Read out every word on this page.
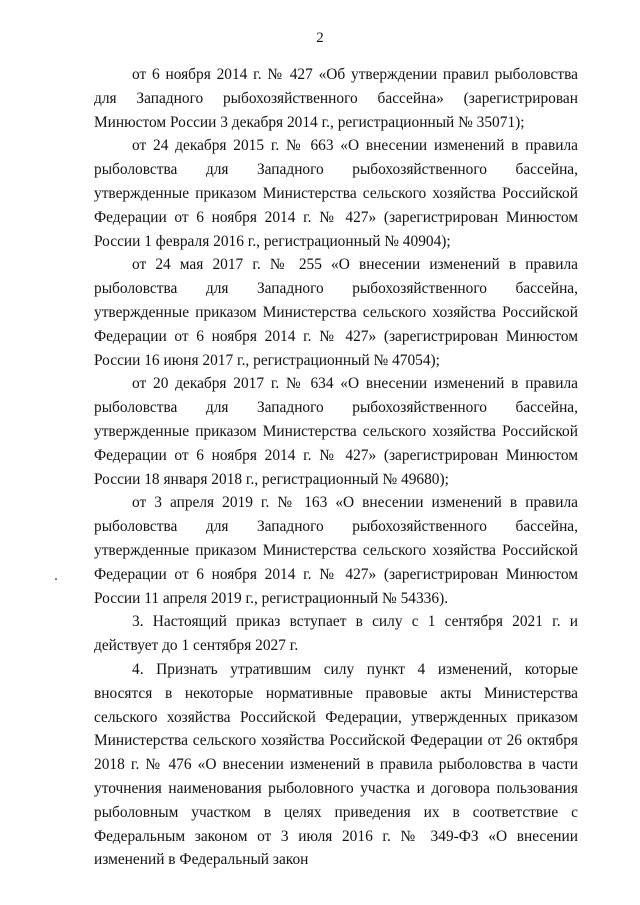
2

от 6 ноября 2014 г. № 427 «Об утверждении правил рыболовства для Западного рыбохозяйственного бассейна» (зарегистрирован Минюстом России 3 декабря 2014 г., регистрационный № 35071);

от 24 декабря 2015 г. № 663 «О внесении изменений в правила рыболовства для Западного рыбохозяйственного бассейна, утвержденные приказом Министерства сельского хозяйства Российской Федерации от 6 ноября 2014 г. № 427» (зарегистрирован Минюстом России 1 февраля 2016 г., регистрационный № 40904);

от 24 мая 2017 г. № 255 «О внесении изменений в правила рыболовства для Западного рыбохозяйственного бассейна, утвержденные приказом Министерства сельского хозяйства Российской Федерации от 6 ноября 2014 г. № 427» (зарегистрирован Минюстом России 16 июня 2017 г., регистрационный № 47054);

от 20 декабря 2017 г. № 634 «О внесении изменений в правила рыболовства для Западного рыбохозяйственного бассейна, утвержденные приказом Министерства сельского хозяйства Российской Федерации от 6 ноября 2014 г. № 427» (зарегистрирован Минюстом России 18 января 2018 г., регистрационный № 49680);

от 3 апреля 2019 г. № 163 «О внесении изменений в правила рыболовства для Западного рыбохозяйственного бассейна, утвержденные приказом Министерства сельского хозяйства Российской Федерации от 6 ноября 2014 г. № 427» (зарегистрирован Минюстом России 11 апреля 2019 г., регистрационный № 54336).

3. Настоящий приказ вступает в силу с 1 сентября 2021 г. и действует до 1 сентября 2027 г.

4. Признать утратившим силу пункт 4 изменений, которые вносятся в некоторые нормативные правовые акты Министерства сельского хозяйства Российской Федерации, утвержденных приказом Министерства сельского хозяйства Российской Федерации от 26 октября 2018 г. № 476 «О внесении изменений в правила рыболовства в части уточнения наименования рыболовного участка и договора пользования рыболовным участком в целях приведения их в соответствие с Федеральным законом от 3 июля 2016 г. № 349-ФЗ «О внесении изменений в Федеральный закон
